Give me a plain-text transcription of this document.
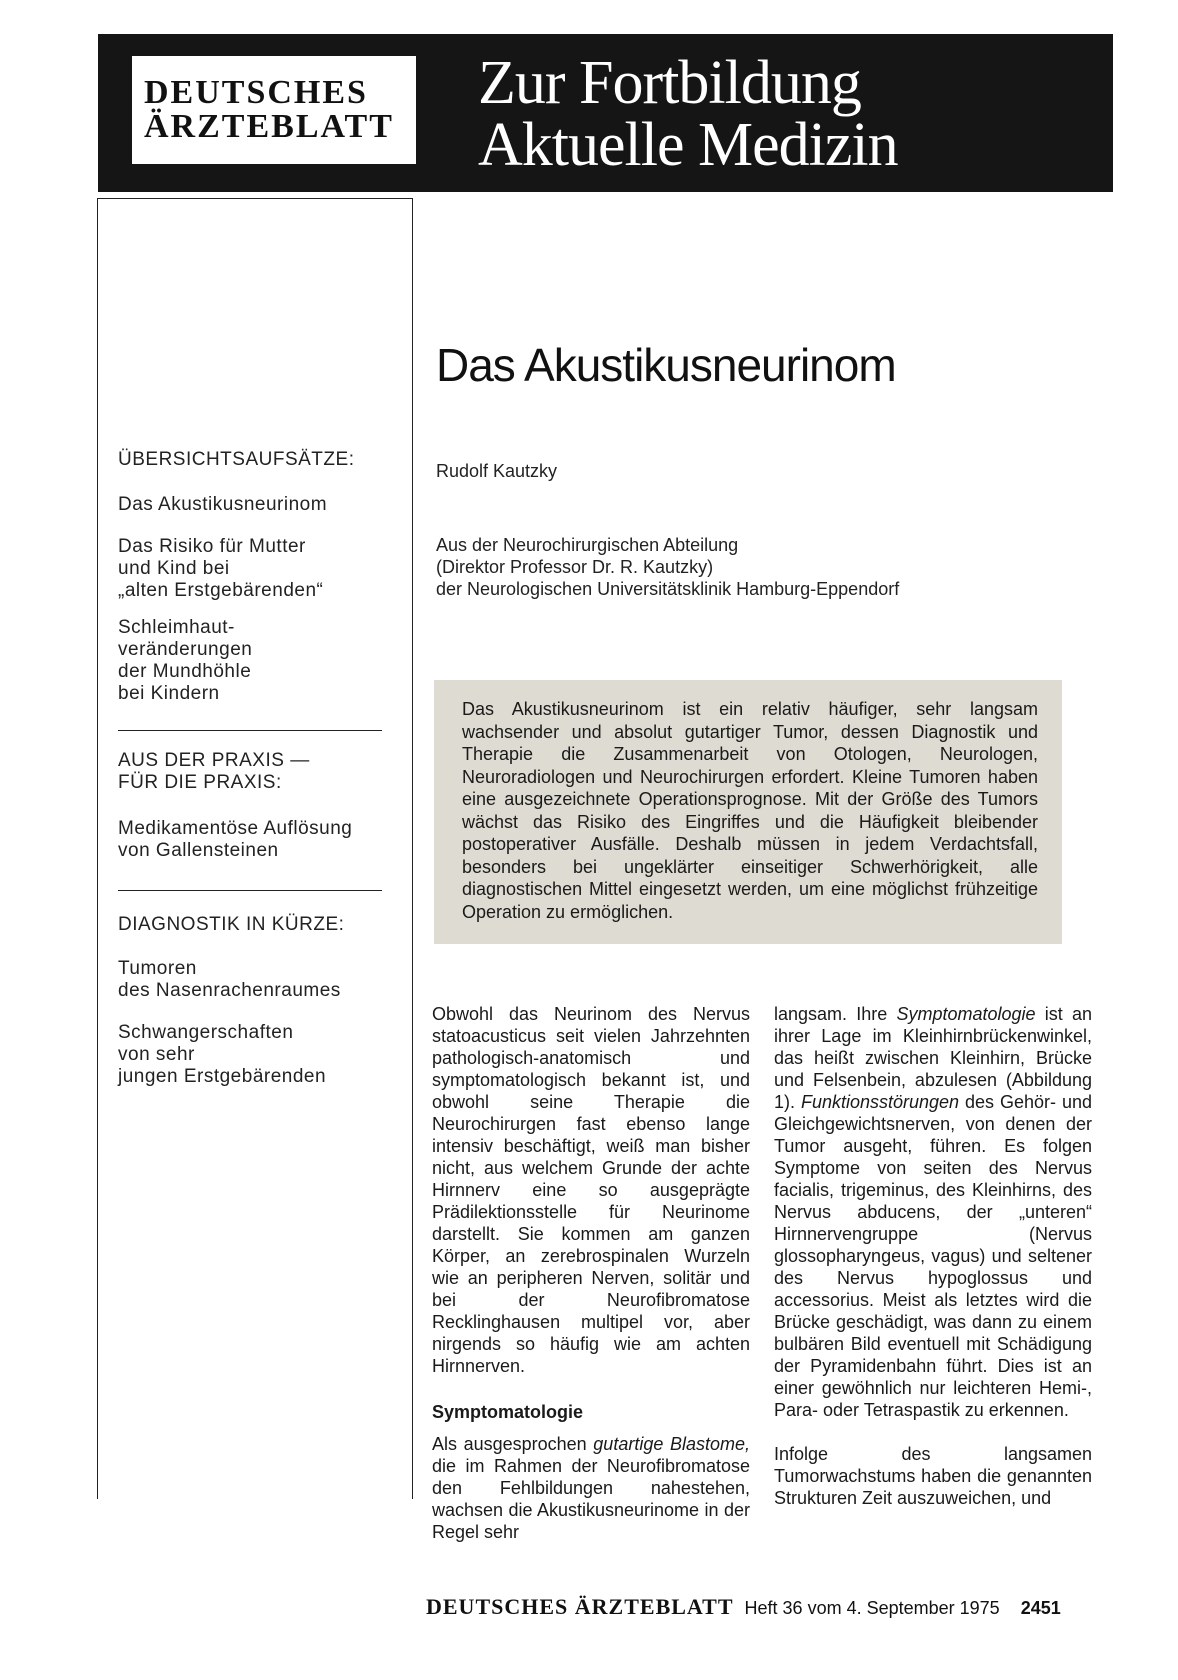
DEUTSCHES
ÄRZTEBLATT
Zur Fortbildung
Aktuelle Medizin
ÜBERSICHTSAUFSÄTZE:
Das Akustikusneurinom
Das Risiko für Mutter
und Kind bei
„alten Erstgebärenden“
Schleimhaut-
veränderungen
der Mundhöhle
bei Kindern
AUS DER PRAXIS —
FÜR DIE PRAXIS:
Medikamentöse Auflösung
von Gallensteinen
DIAGNOSTIK IN KÜRZE:
Tumoren
des Nasenrachenraumes
Schwangerschaften
von sehr
jungen Erstgebärenden
Das Akustikusneurinom
Rudolf Kautzky
Aus der Neurochirurgischen Abteilung
(Direktor Professor Dr. R. Kautzky)
der Neurologischen Universitätsklinik Hamburg-Eppendorf
Das Akustikusneurinom ist ein relativ häufiger, sehr langsam wachsender und absolut gutartiger Tumor, dessen Diagnostik und Therapie die Zusammenarbeit von Otologen, Neurologen, Neuroradiologen und Neurochirurgen erfordert. Kleine Tumoren haben eine ausgezeichnete Operationsprognose. Mit der Größe des Tumors wächst das Risiko des Eingriffes und die Häufigkeit bleibender postoperativer Ausfälle. Deshalb müssen in jedem Verdachtsfall, besonders bei ungeklärter einseitiger Schwerhörigkeit, alle diagnostischen Mittel eingesetzt werden, um eine möglichst frühzeitige Operation zu ermöglichen.

Obwohl das Neurinom des Nervus statoacusticus seit vielen Jahrzehnten pathologisch-anatomisch und symptomatologisch bekannt ist, und obwohl seine Therapie die Neurochirurgen fast ebenso lange intensiv beschäftigt, weiß man bisher nicht, aus welchem Grunde der achte Hirnnerv eine so ausgeprägte Prädilektionsstelle für Neurinome darstellt. Sie kommen am ganzen Körper, an zerebrospinalen Wurzeln wie an peripheren Nerven, solitär und bei der Neurofibromatose Recklinghausen multipel vor, aber nirgends so häufig wie am achten Hirnnerven.

Symptomatologie

Als ausgesprochen gutartige Blastome, die im Rahmen der Neurofibromatose den Fehlbildungen nahestehen, wachsen die Akustikusneurinome in der Regel sehr

langsam. Ihre Symptomatologie ist an ihrer Lage im Kleinhirnbrückenwinkel, das heißt zwischen Kleinhirn, Brücke und Felsenbein, abzulesen (Abbildung 1). Funktionsstörungen des Gehör- und Gleichgewichtsnerven, von denen der Tumor ausgeht, führen. Es folgen Symptome von seiten des Nervus facialis, trigeminus, des Kleinhirns, des Nervus abducens, der „unteren“ Hirnnervengruppe (Nervus glossopharyngeus, vagus) und seltener des Nervus hypoglossus und accessorius. Meist als letztes wird die Brücke geschädigt, was dann zu einem bulbären Bild eventuell mit Schädigung der Pyramidenbahn führt. Dies ist an einer gewöhnlich nur leichteren Hemi-, Para- oder Tetraspastik zu erkennen.

Infolge des langsamen Tumorwachstums haben die genannten Strukturen Zeit auszuweichen, und

DEUTSCHES ÄRZTEBLATT Heft 36 vom 4. September 1975 2451
